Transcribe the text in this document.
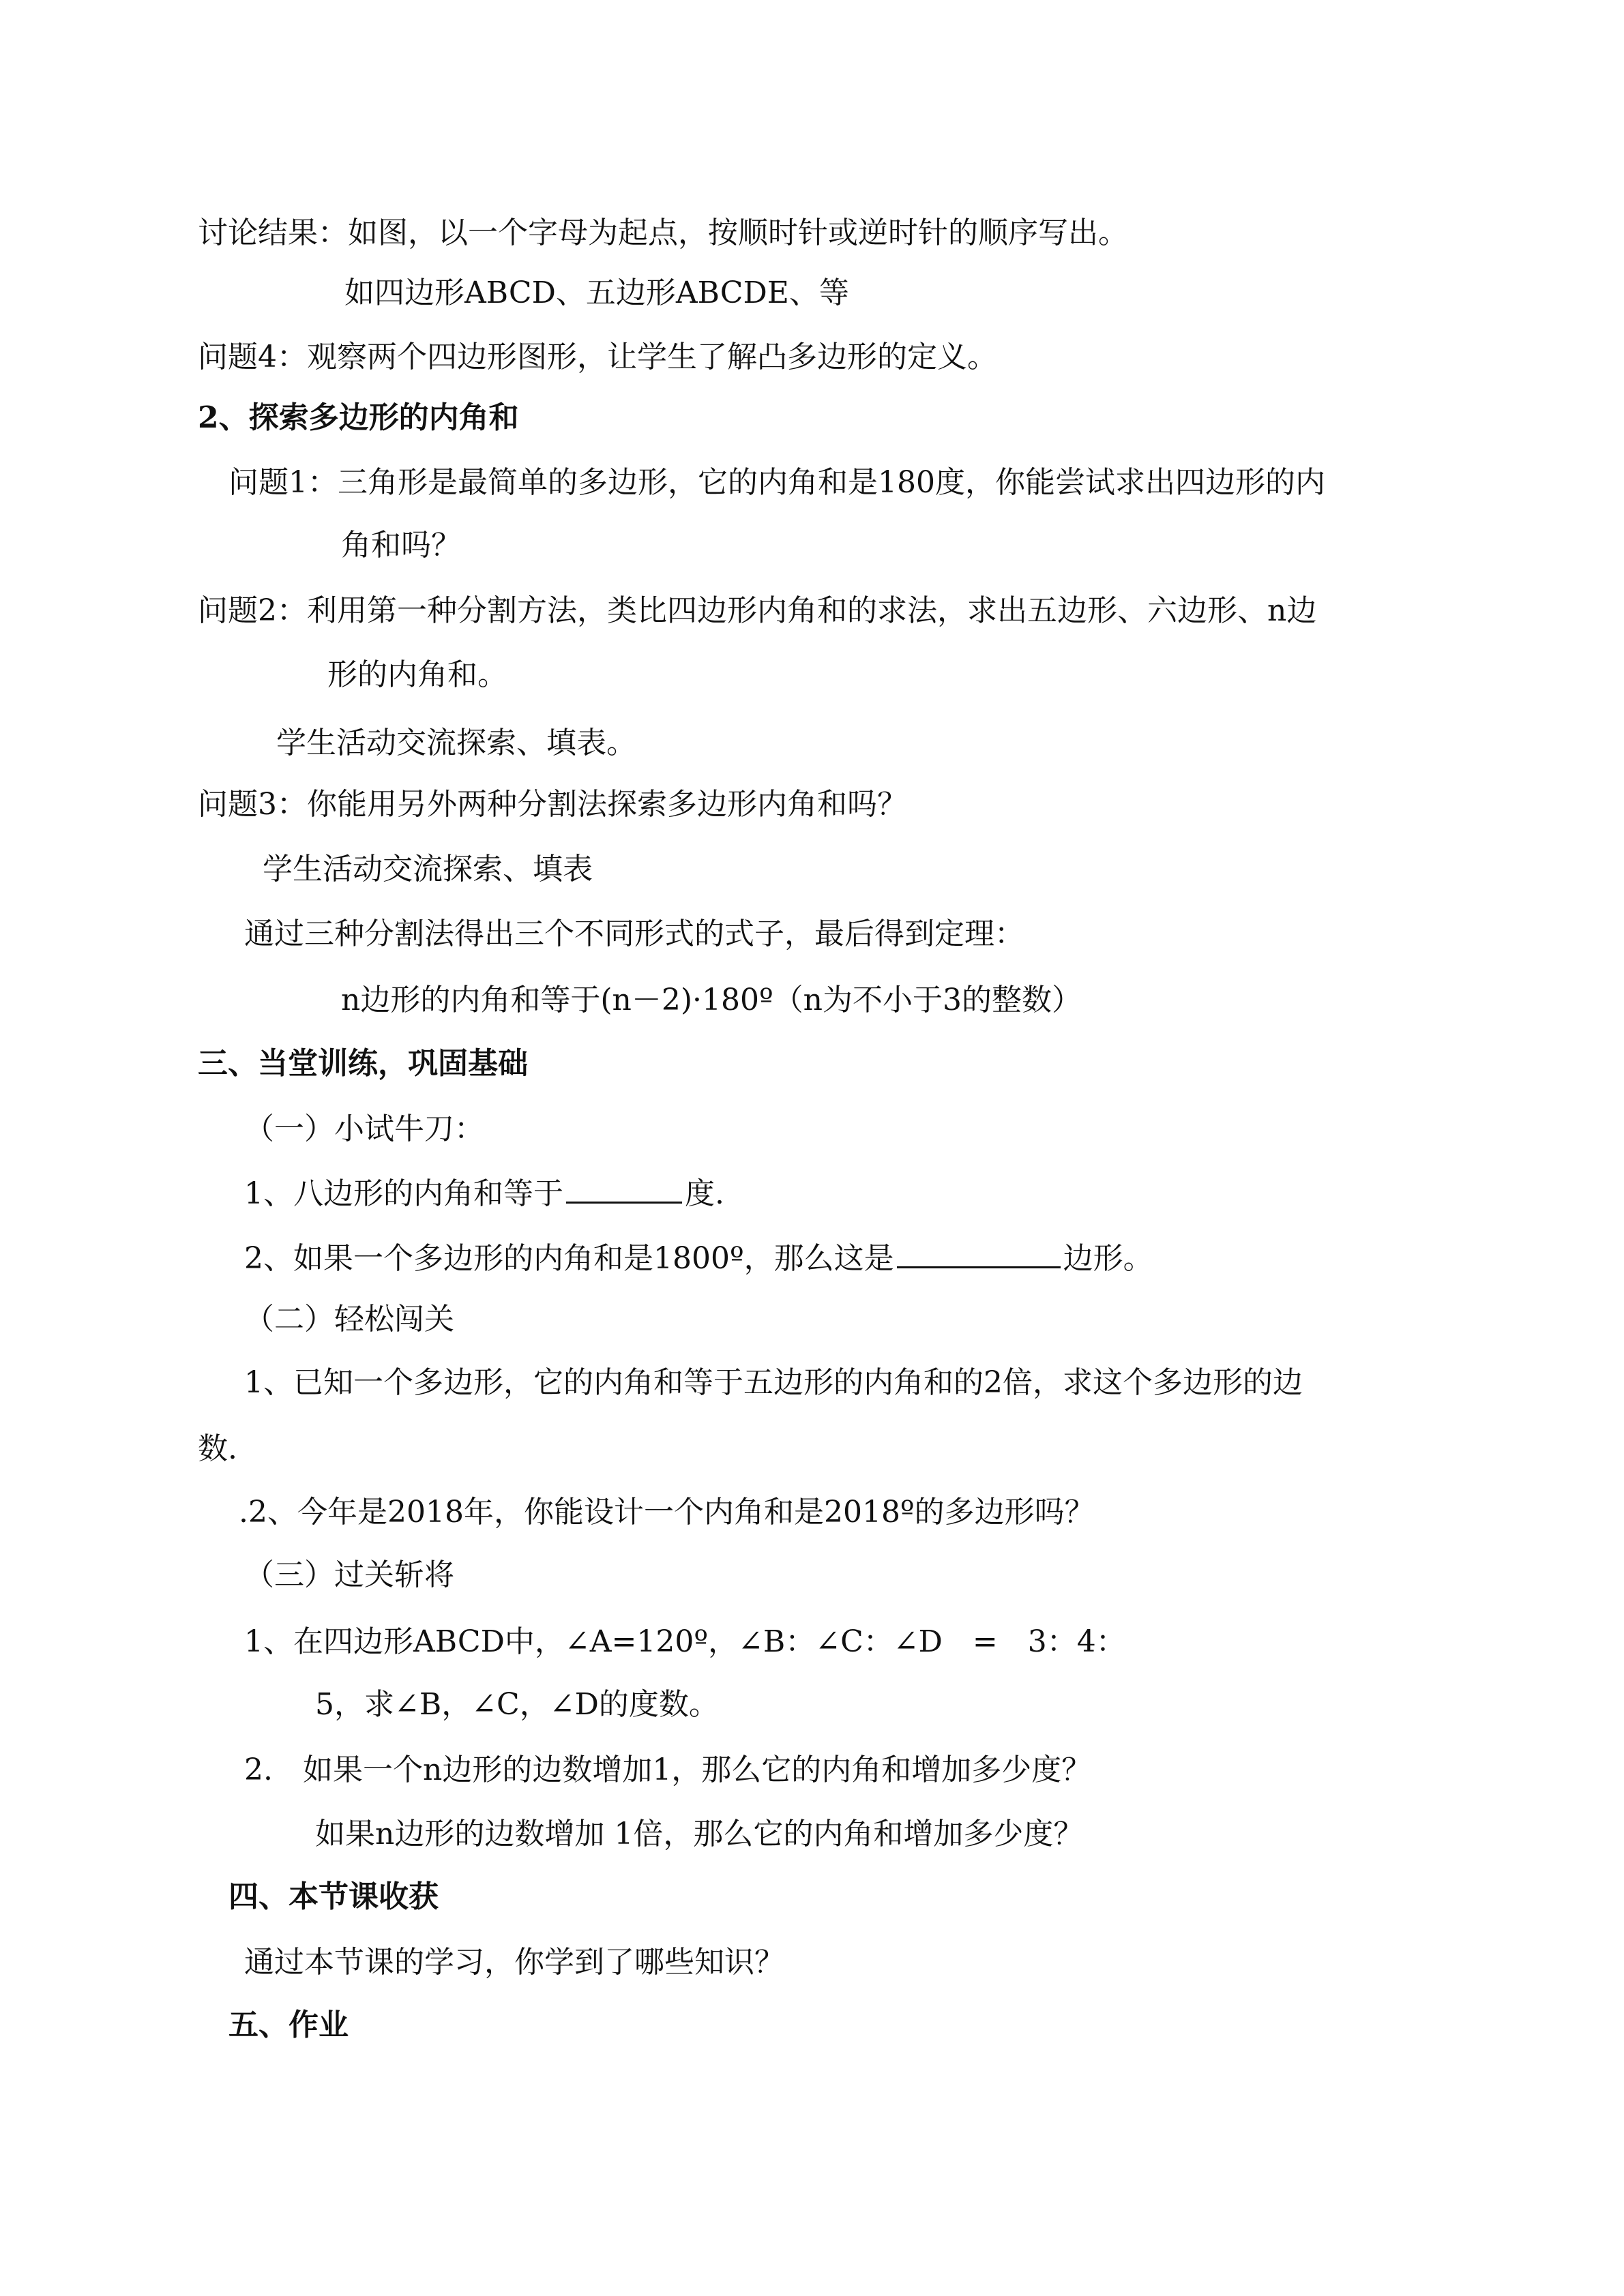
讨论结果：如图，以一个字母为起点，按顺时针或逆时针的顺序写出。

如四边形ABCD、五边形ABCDE、等

问题4：观察两个四边形图形，让学生了解凸多边形的定义。

2、探索多边形的内角和

问题1：三角形是最简单的多边形，它的内角和是180度，你能尝试求出四边形的内

角和吗？

问题2：利用第一种分割方法，类比四边形内角和的求法，求出五边形、六边形、n边

形的内角和。

学生活动交流探索、填表。

问题3：你能用另外两种分割法探索多边形内角和吗？

学生活动交流探索、填表

通过三种分割法得出三个不同形式的式子，最后得到定理：

n边形的内角和等于(n－2)·180º（n为不小于3的整数）

三、当堂训练，巩固基础

（一）小试牛刀：

1、八边形的内角和等于	度.

2、如果一个多边形的内角和是1800º，那么这是	边形。

（二）轻松闯关

1、已知一个多边形，它的内角和等于五边形的内角和的2倍，求这个多边形的边

数.

.2、今年是2018年，你能设计一个内角和是2018º的多边形吗？

（三）过关斩将

1、在四边形ABCD中，∠A=120º，∠B：∠C：∠D　=　3：4：

5，求∠B，∠C，∠D的度数。

2.　如果一个n边形的边数增加1，那么它的内角和增加多少度？

如果n边形的边数增加 1倍，那么它的内角和增加多少度？

四、本节课收获

通过本节课的学习，你学到了哪些知识？

五、作业
